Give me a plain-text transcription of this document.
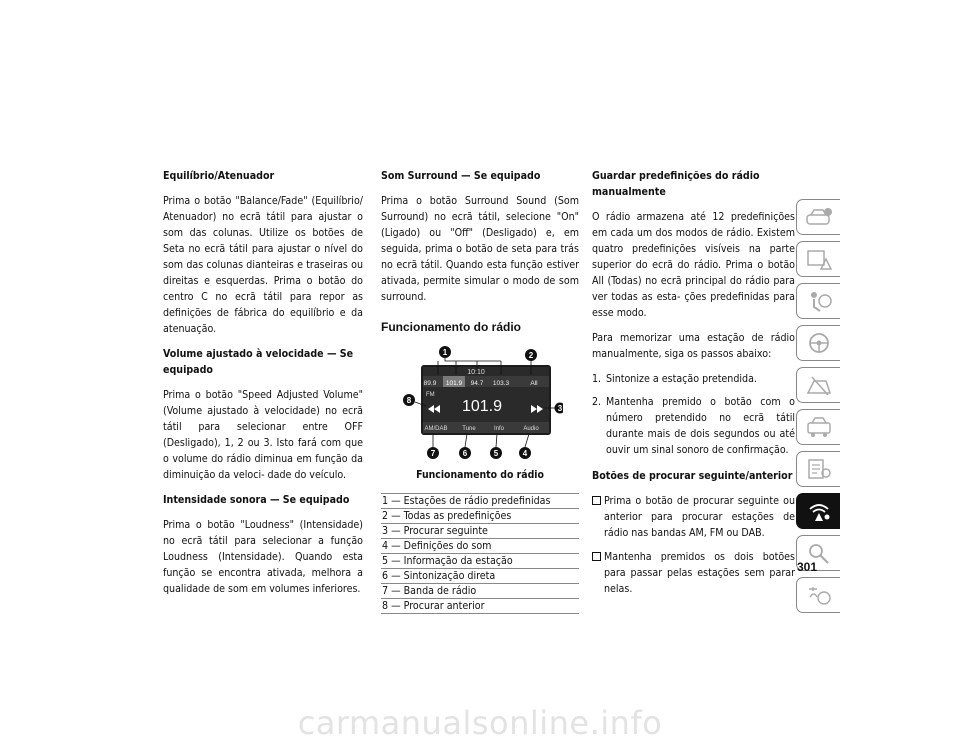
Equilíbrio/Atenuador
Prima o botão "Balance/Fade" (Equilíbrio/ Atenuador) no ecrã tátil para ajustar o som das colunas. Utilize os botões de Seta no ecrã tátil para ajustar o nível do som das colunas dianteiras e traseiras ou direitas e esquerdas. Prima o botão do centro C no ecrã tátil para repor as definições de fábrica do equilíbrio e da atenuação.
Volume ajustado à velocidade — Se equipado
Prima o botão "Speed Adjusted Volume" (Volume ajustado à velocidade) no ecrã tátil para selecionar entre OFF (Desligado), 1, 2 ou 3. Isto fará com que o volume do rádio diminua em função da diminuição da veloci- dade do veículo.
Intensidade sonora — Se equipado
Prima o botão "Loudness" (Intensidade) no ecrã tátil para selecionar a função Loudness (Intensidade). Quando esta função se encontra ativada, melhora a qualidade de som em volumes inferiores.
Som Surround — Se equipado
Prima o botão Surround Sound (Som Surround) no ecrã tátil, selecione "On" (Ligado) ou "Off" (Desligado) e, em seguida, prima o botão de seta para trás no ecrã tátil. Quando esta função estiver ativada, permite simular o modo de som surround.
Funcionamento do rádio
10:10
89.9 101.9 94.7 103.3	All
FM
101.9
AM/DAB Tune	Info	Audio
1	2
3
4
5
6
7
8
Funcionamento do rádio
1 — Estações de rádio predefinidas
2 — Todas as predefinições
3 — Procurar seguinte
4 — Definições do som
5 — Informação da estação
6 — Sintonização direta
7 — Banda de rádio
8 — Procurar anterior
Guardar predefinições do rádio manualmente
O rádio armazena até 12 predefinições em cada um dos modos de rádio. Existem quatro predefinições visíveis na parte superior do ecrã do rádio. Prima o botão All (Todas) no ecrã principal do rádio para ver todas as esta- ções predefinidas para esse modo.
Para memorizar uma estação de rádio manualmente, siga os passos abaixo:
1. Sintonize a estação pretendida.
2. Mantenha premido o botão com o número pretendido no ecrã tátil durante mais de dois segundos ou até ouvir um sinal sonoro de confirmação.
Botões de procurar seguinte/anterior
Prima o botão de procurar seguinte ou anterior para procurar estações de rádio nas bandas AM, FM ou DAB.
Mantenha premidos os dois botões para passar pelas estações sem parar nelas.
301
carmanualsonline.info
